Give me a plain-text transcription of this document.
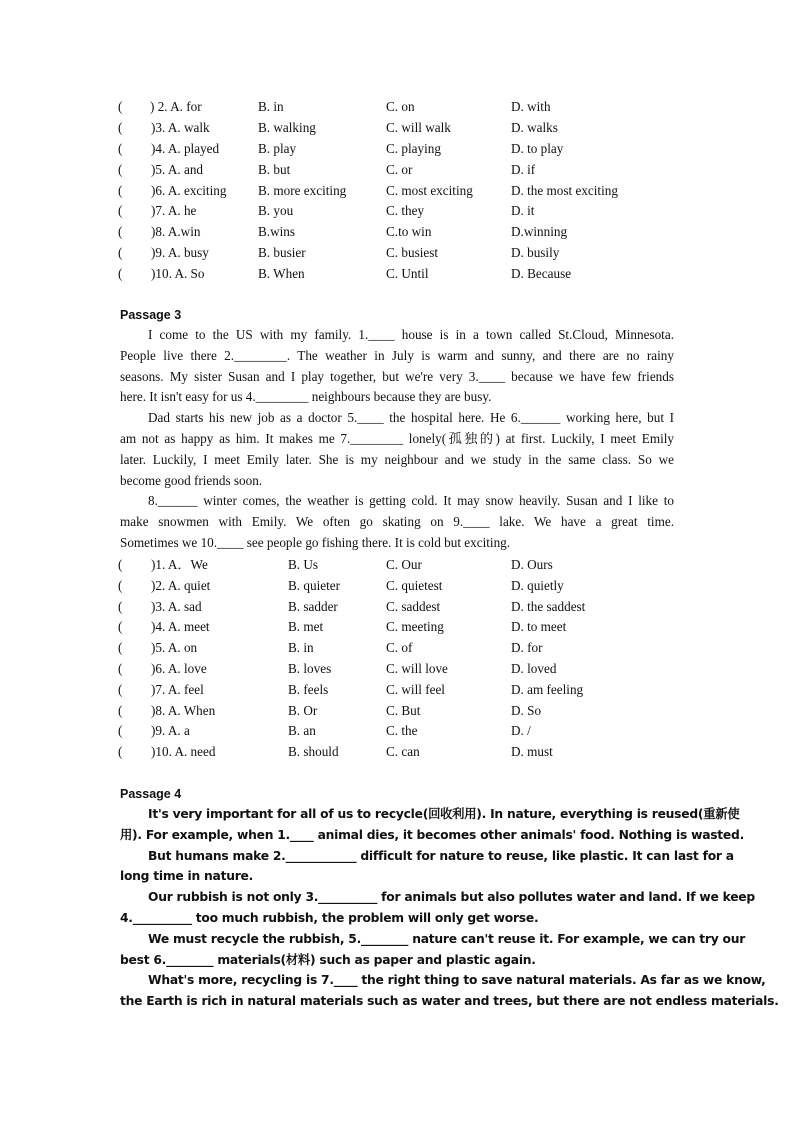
( ) 2. A. for	B. in	C. on	D. with
( )3. A. walk	B. walking	C. will walk	D. walks
( )4. A. played	B. play	C. playing	D. to play
( )5. A. and	B. but	C. or	D. if
( )6. A. exciting B. more exciting	C. most exciting	D. the most exciting
( )7. A. he	B. you	C. they	D. it
( )8. A.win	B.wins	C.to win	D.winning
( )9. A. busy	B. busier	C. busiest	D. busily
( )10. A. So	B. When	C. Until	D. Because
Passage 3
I come to the US with my family. 1.____ house is in a town called St.Cloud, Minnesota.
People live there 2.________. The weather in July is warm and sunny, and there are no rainy
seasons. My sister Susan and I play together, but we're very 3.____ because we have few friends
here. It isn't easy for us 4.________ neighbours because they are busy.
Dad starts his new job as a doctor 5.____ the hospital here. He 6.______ working here, but I
am not as happy as him. It makes me 7.________ lonely(孤独的) at first. Luckily, I meet Emily
later. Luckily, I meet Emily later. She is my neighbour and we study in the same class. So we
become good friends soon.
8.______ winter comes, the weather is getting cold. It may snow heavily. Susan and I like to
make snowmen with Emily. We often go skating on 9.____ lake. We have a great time.
Sometimes we 10.____ see people go fishing there. It is cold but exciting.
( )1. A．We	B. Us	C. Our	D. Ours
( )2. A. quiet	B. quieter	C. quietest	D. quietly
( )3. A. sad	B. sadder	C. saddest	D. the saddest
( )4. A. meet	B. met	C. meeting	D. to meet
( )5. A. on	B. in	C. of	D. for
( )6. A. love	B. loves	C. will love	D. loved
( )7. A. feel	B. feels	C. will feel	D. am feeling
( )8. A. When	B. Or	C. But	D. So
( )9. A. a	B. an	C. the	D. /
( )10. A. need	B. should	C. can	D. must
Passage 4
It's very important for all of us to recycle(回收利用). In nature, everything is reused(重新使
用). For example, when 1.____ animal dies, it becomes other animals' food. Nothing is wasted.
But humans make 2.____________ difficult for nature to reuse, like plastic. It can last for a
long time in nature.
Our rubbish is not only 3.__________ for animals but also pollutes water and land. If we keep
4.__________ too much rubbish, the problem will only get worse.
We must recycle the rubbish, 5.________ nature can't reuse it. For example, we can try our
best 6.________ materials(材料) such as paper and plastic again.
What's more, recycling is 7.____ the right thing to save natural materials. As far as we know,
the Earth is rich in natural materials such as water and trees, but there are not endless materials.
